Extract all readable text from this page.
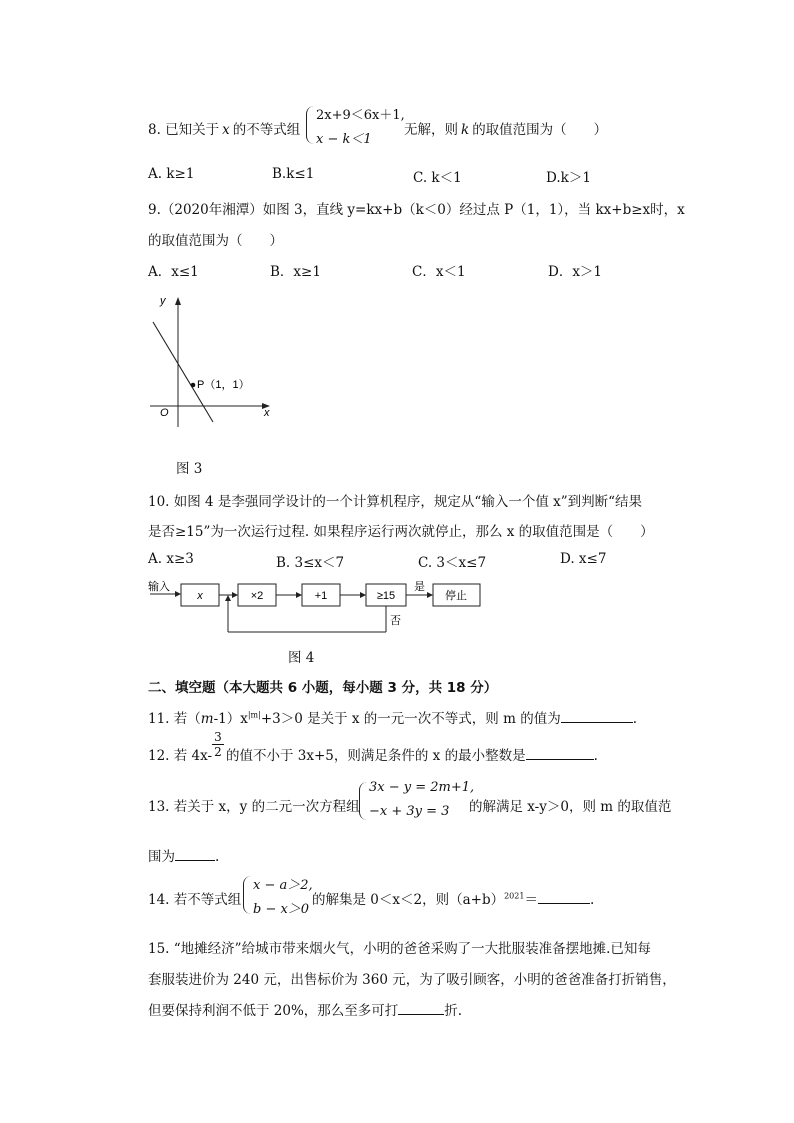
8. 已知关于 x 的不等式组
2x+9＜6x＋1,
x − k＜1
无解，则 k 的取值范围为（　　）
A. k≥1	B.k≤1	C. k＜1	D.k＞1
9.（2020年湘潭）如图 3，直线 y=kx+b（k＜0）经过点 P（1，1），当 kx+b≥x时，x
的取值范围为（　　）
A．x≤1	B．x≥1	C．x＜1	D．x＞1
y
x
O
P（1，1）
图 3
10. 如图 4 是李强同学设计的一个计算机程序，规定从“输入一个值 x”到判断“结果
是否≥15”为一次运行过程. 如果程序运行两次就停止，那么 x 的取值范围是（　　）
A. x≥3	B. 3≤x＜7	C. 3＜x≤7	D. x≤7
输入
x	×2	+1	≥15
是
停止
否
图 4
二、填空题（本大题共 6 小题，每小题 3 分，共 18 分）
11. 若$(m-1)x^{|m|}+3>0$ 是关于 x 的一元一次不等式，则 m 的值为	.
12. 若 4x-
3
2 的值不小于 3x+5，则满足条件的 x 的最小整数是	.
13. 若关于 x，y 的二元一次方程组
3x − y = 2m+1,
−x + 3y = 3 的解满足 x-y＞0，则 m 的取值范
围为	.
14. 若不等式组
x − a＞2,
b − x＞0
的解集是 0＜x＜2，则$(a+b)^{2021}=$	.
15. “地摊经济”给城市带来烟火气，小明的爸爸采购了一大批服装准备摆地摊.已知每
套服装进价为 240 元，出售标价为 360 元，为了吸引顾客，小明的爸爸准备打折销售，
但要保持利润不低于 20%，那么至多可打	折.
